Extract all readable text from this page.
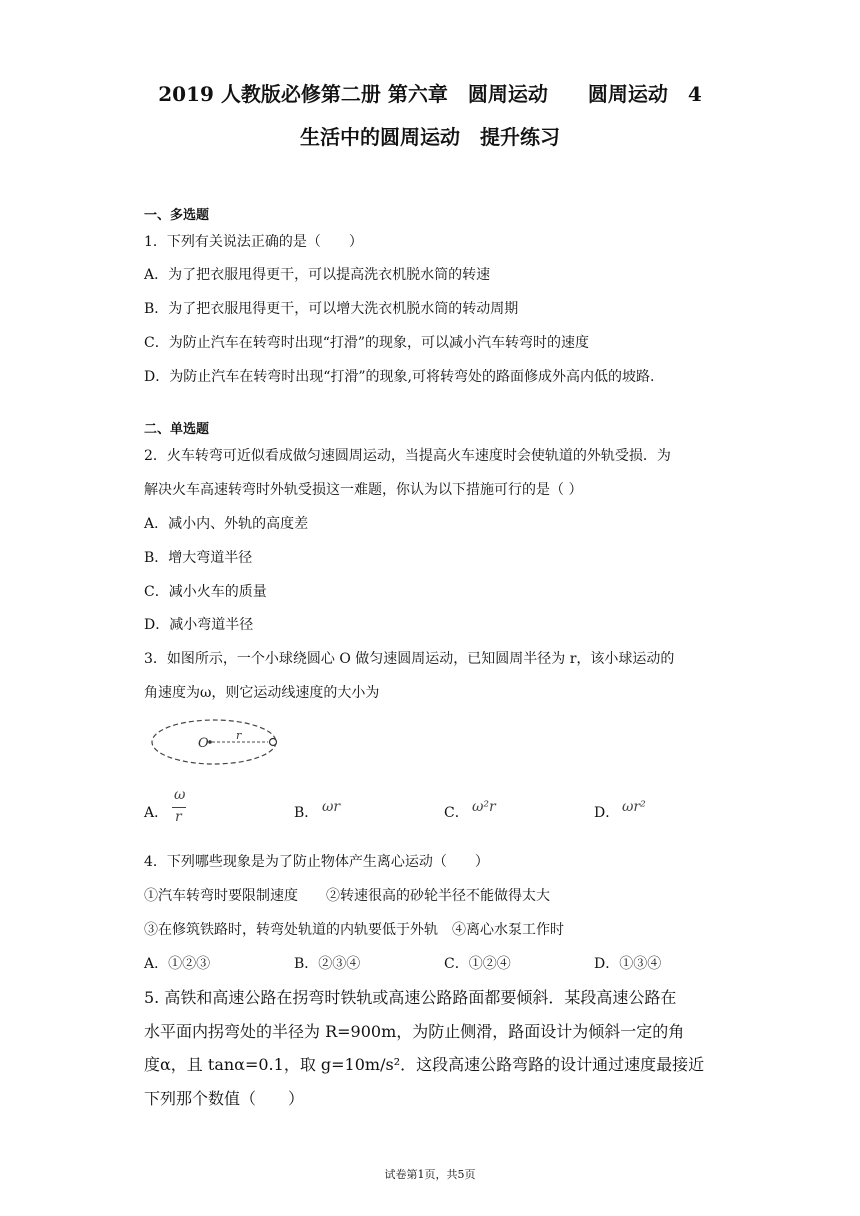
2019 人教版必修第二册 第六章　圆周运动　　圆周运动　4
生活中的圆周运动　提升练习
一、多选题
1．下列有关说法正确的是（　　）
A．为了把衣服甩得更干，可以提高洗衣机脱水筒的转速
B．为了把衣服甩得更干，可以增大洗衣机脱水筒的转动周期
C．为防止汽车在转弯时出现“打滑”的现象，可以减小汽车转弯时的速度
D．为防止汽车在转弯时出现“打滑”的现象,可将转弯处的路面修成外高内低的坡路.
二、单选题
2．火车转弯可近似看成做匀速圆周运动，当提高火车速度时会使轨道的外轨受损．为
解决火车高速转弯时外轨受损这一难题，你认为以下措施可行的是（ ）
A．减小内、外轨的高度差
B．增大弯道半径
C．减小火车的质量
D．减小弯道半径
3．如图所示，一个小球绕圆心 O 做匀速圆周运动，已知圆周半径为 r，该小球运动的
角速度为ω，则它运动线速度的大小为
O
r
A．
ω
r	B． ωr	C． ω²r	D． ωr²
4．下列哪些现象是为了防止物体产生离心运动（　　）
①汽车转弯时要限制速度　　②转速很高的砂轮半径不能做得太大
③在修筑铁路时，转弯处轨道的内轨要低于外轨　④离心水泵工作时
A．①②③	B．②③④	C．①②④	D．①③④
5. 高铁和高速公路在拐弯时铁轨或高速公路路面都要倾斜．某段高速公路在
水平面内拐弯处的半径为 R=900m，为防止侧滑，路面设计为倾斜一定的角
度α，且 tanα=0.1，取 g=10m/s²．这段高速公路弯路的设计通过速度最接近
下列那个数值（　　）
试卷第1页，共5页
